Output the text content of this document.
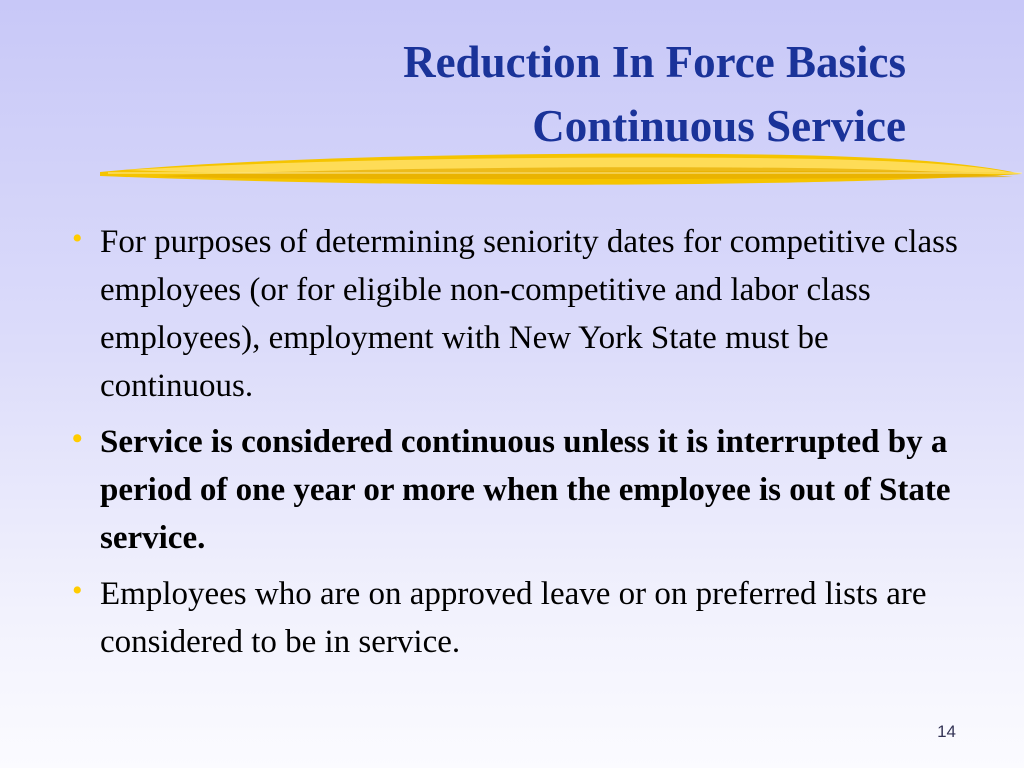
Reduction In Force Basics
Continuous Service
• For purposes of determining seniority dates for competitive class employees (or for eligible non-competitive and labor class employees), employment with New York State must be continuous.
• Service is considered continuous unless it is interrupted by a period of one year or more when the employee is out of State service.
• Employees who are on approved leave or on preferred lists are considered to be in service.
14
